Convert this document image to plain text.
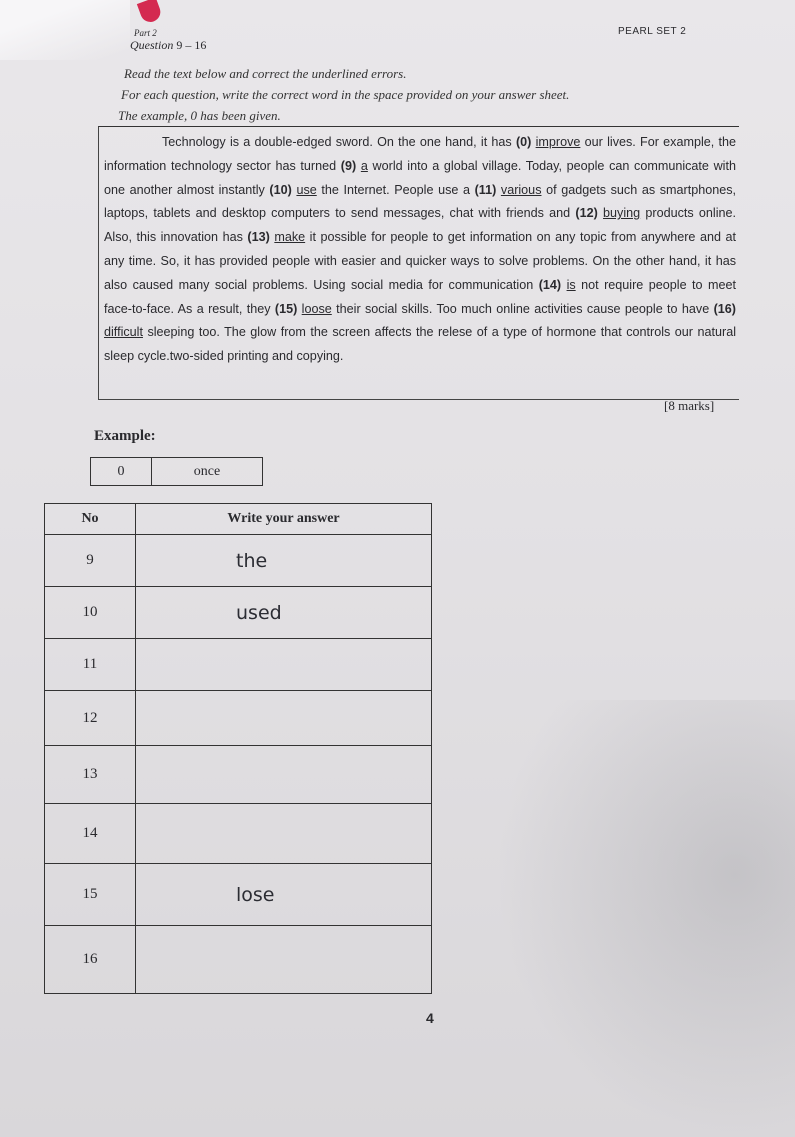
Part 2
Question 9 – 16
PEARL SET 2
Read the text below and correct the underlined errors.
For each question, write the correct word in the space provided on your answer sheet.
The example, 0 has been given.
Technology is a double-edged sword. On the one hand, it has (0) improve our lives. For example, the information technology sector has turned (9) a world into a global village. Today, people can communicate with one another almost instantly (10) use the Internet. People use a (11) various of gadgets such as smartphones, laptops, tablets and desktop computers to send messages, chat with friends and (12) buying products online. Also, this innovation has (13) make it possible for people to get information on any topic from anywhere and at any time. So, it has provided people with easier and quicker ways to solve problems. On the other hand, it has also caused many social problems. Using social media for communication (14) is not require people to meet face-to-face. As a result, they (15) loose their social skills. Too much online activities cause people to have (16) difficult sleeping too. The glow from the screen affects the relese of a type of hormone that controls our natural sleep cycle.two-sided printing and copying.
[8 marks]
Example:
0	once
No	Write your answer
9	the
10	used
11	
12	
13	
14	
15	lose
16	
4
